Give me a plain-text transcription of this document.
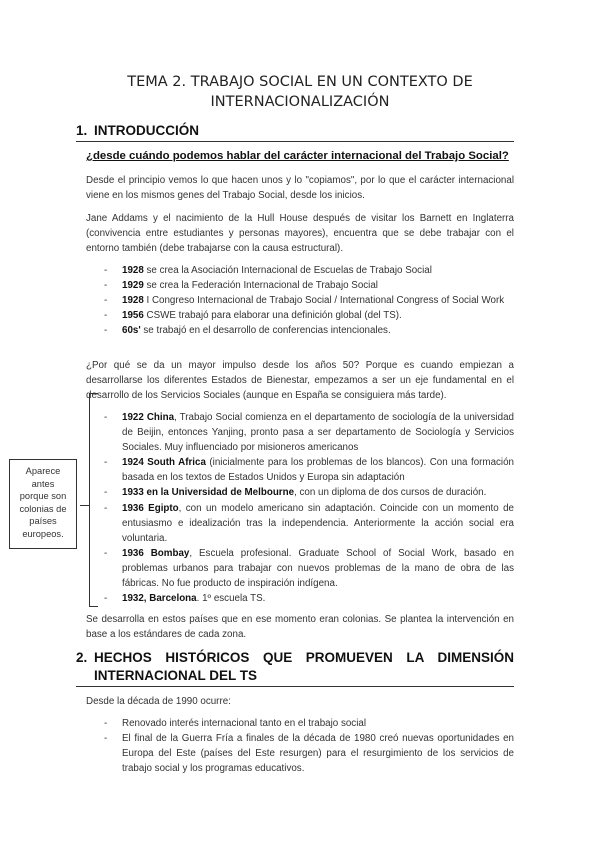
TEMA 2. TRABAJO SOCIAL EN UN CONTEXTO DE
INTERNACIONALIZACIÓN
1. INTRODUCCIÓN
¿desde cuándo podemos hablar del carácter internacional del Trabajo Social?
Desde el principio vemos lo que hacen unos y lo "copiamos", por lo que el carácter internacional viene en los mismos genes del Trabajo Social, desde los inicios.
Jane Addams y el nacimiento de la Hull House después de visitar los Barnett en Inglaterra (convivencia entre estudiantes y personas mayores), encuentra que se debe trabajar con el entorno también (debe trabajarse con la causa estructural).
- 1928 se crea la Asociación Internacional de Escuelas de Trabajo Social
- 1929 se crea la Federación Internacional de Trabajo Social
- 1928 I Congreso Internacional de Trabajo Social / International Congress of Social Work
- 1956 CSWE trabajó para elaborar una definición global (del TS).
- 60s' se trabajó en el desarrollo de conferencias intencionales.
¿Por qué se da un mayor impulso desde los años 50? Porque es cuando empiezan a desarrollarse los diferentes Estados de Bienestar, empezamos a ser un eje fundamental en el desarrollo de los Servicios Sociales (aunque en España se consiguiera más tarde).
Aparece
antes
porque son
colonias de
países
europeos.
- 1922 China, Trabajo Social comienza en el departamento de sociología de la universidad de Beijin, entonces Yanjing, pronto pasa a ser departamento de Sociología y Servicios Sociales. Muy influenciado por misioneros americanos
- 1924 South Africa (inicialmente para los problemas de los blancos). Con una formación basada en los textos de Estados Unidos y Europa sin adaptación
- 1933 en la Universidad de Melbourne, con un diploma de dos cursos de duración.
- 1936 Egipto, con un modelo americano sin adaptación. Coincide con un momento de entusiasmo e idealización tras la independencia. Anteriormente la acción social era voluntaria.
- 1936 Bombay, Escuela profesional. Graduate School of Social Work, basado en problemas urbanos para trabajar con nuevos problemas de la mano de obra de las fábricas. No fue producto de inspiración indígena.
- 1932, Barcelona. 1º escuela TS.
Se desarrolla en estos países que en ese momento eran colonias. Se plantea la intervención en base a los estándares de cada zona.
2. HECHOS HISTÓRICOS QUE PROMUEVEN LA DIMENSIÓN
INTERNACIONAL DEL TS
Desde la década de 1990 ocurre:
- Renovado interés internacional tanto en el trabajo social
- El final de la Guerra Fría a finales de la década de 1980 creó nuevas oportunidades en Europa del Este (países del Este resurgen) para el resurgimiento de los servicios de trabajo social y los programas educativos.
